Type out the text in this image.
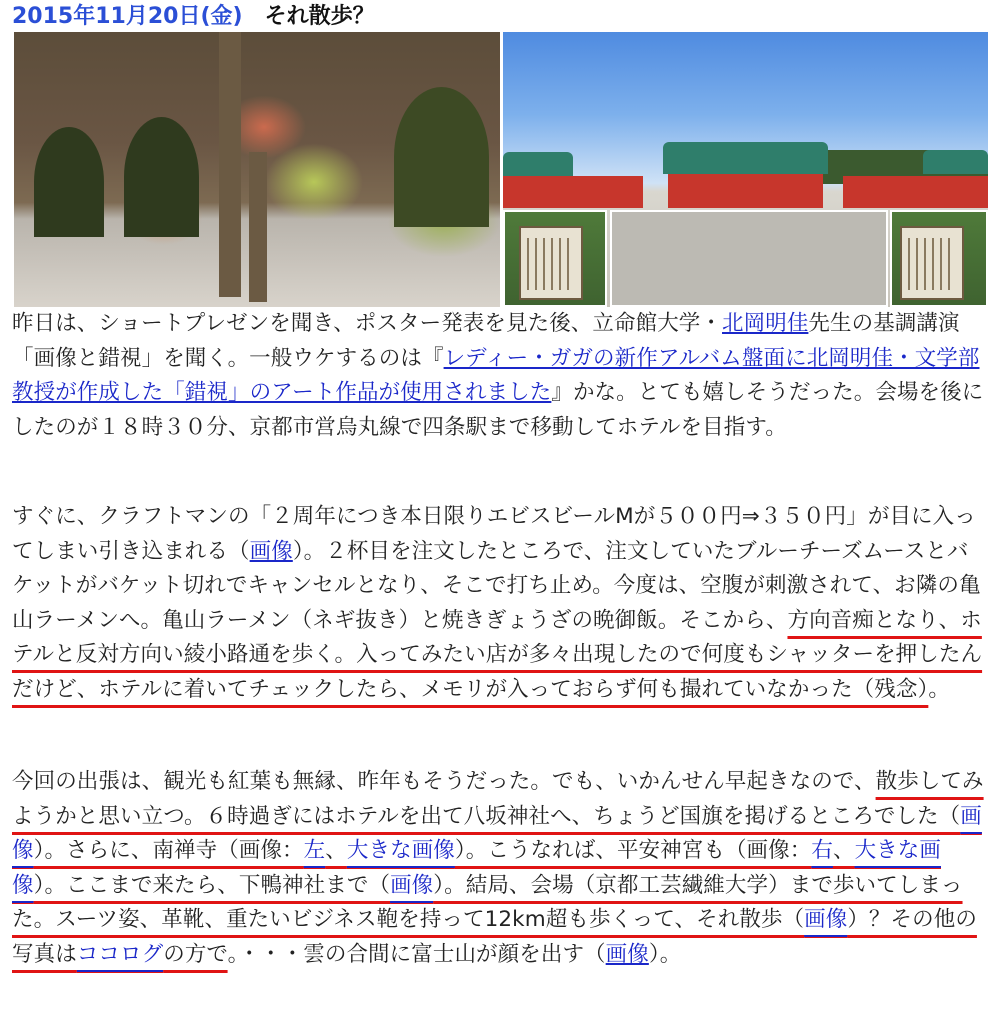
2015年11月20日(金) それ散歩？
昨日は、ショートプレゼンを聞き、ポスター発表を見た後、立命館大学・北岡明佳先生の基調講演「画像と錯視」を聞く。一般ウケするのは『レディー・ガガの新作アルバム盤面に北岡明佳・文学部教授が作成した「錯視」のアート作品が使用されました』かな。とても嬉しそうだった。会場を後にしたのが１８時３０分、京都市営烏丸線で四条駅まで移動してホテルを目指す。
すぐに、クラフトマンの「２周年につき本日限りエビスビールMが５００円⇒３５０円」が目に入ってしまい引き込まれる（画像）。２杯目を注文したところで、注文していたブルーチーズムースとバケットがバケット切れでキャンセルとなり、そこで打ち止め。今度は、空腹が刺激されて、お隣の亀山ラーメンへ。亀山ラーメン（ネギ抜き）と焼きぎょうざの晩御飯。そこから、方向音痴となり、ホテルと反対方向い綾小路通を歩く。入ってみたい店が多々出現したので何度もシャッターを押したんだけど、ホテルに着いてチェックしたら、メモリが入っておらず何も撮れていなかった（残念）。
今回の出張は、観光も紅葉も無縁、昨年もそうだった。でも、いかんせん早起きなので、散歩してみようかと思い立つ。６時過ぎにはホテルを出て八坂神社へ、ちょうど国旗を掲げるところでした（画像）。さらに、南禅寺（画像：左、大きな画像）。こうなれば、平安神宮も（画像：右、大きな画像）。ここまで来たら、下鴨神社まで（画像）。結局、会場（京都工芸繊維大学）まで歩いてしまった。スーツ姿、革靴、重たいビジネス鞄を持って12km超も歩くって、それ散歩（画像）？その他の写真はココログの方で。・・・雲の合間に富士山が顔を出す（画像）。
